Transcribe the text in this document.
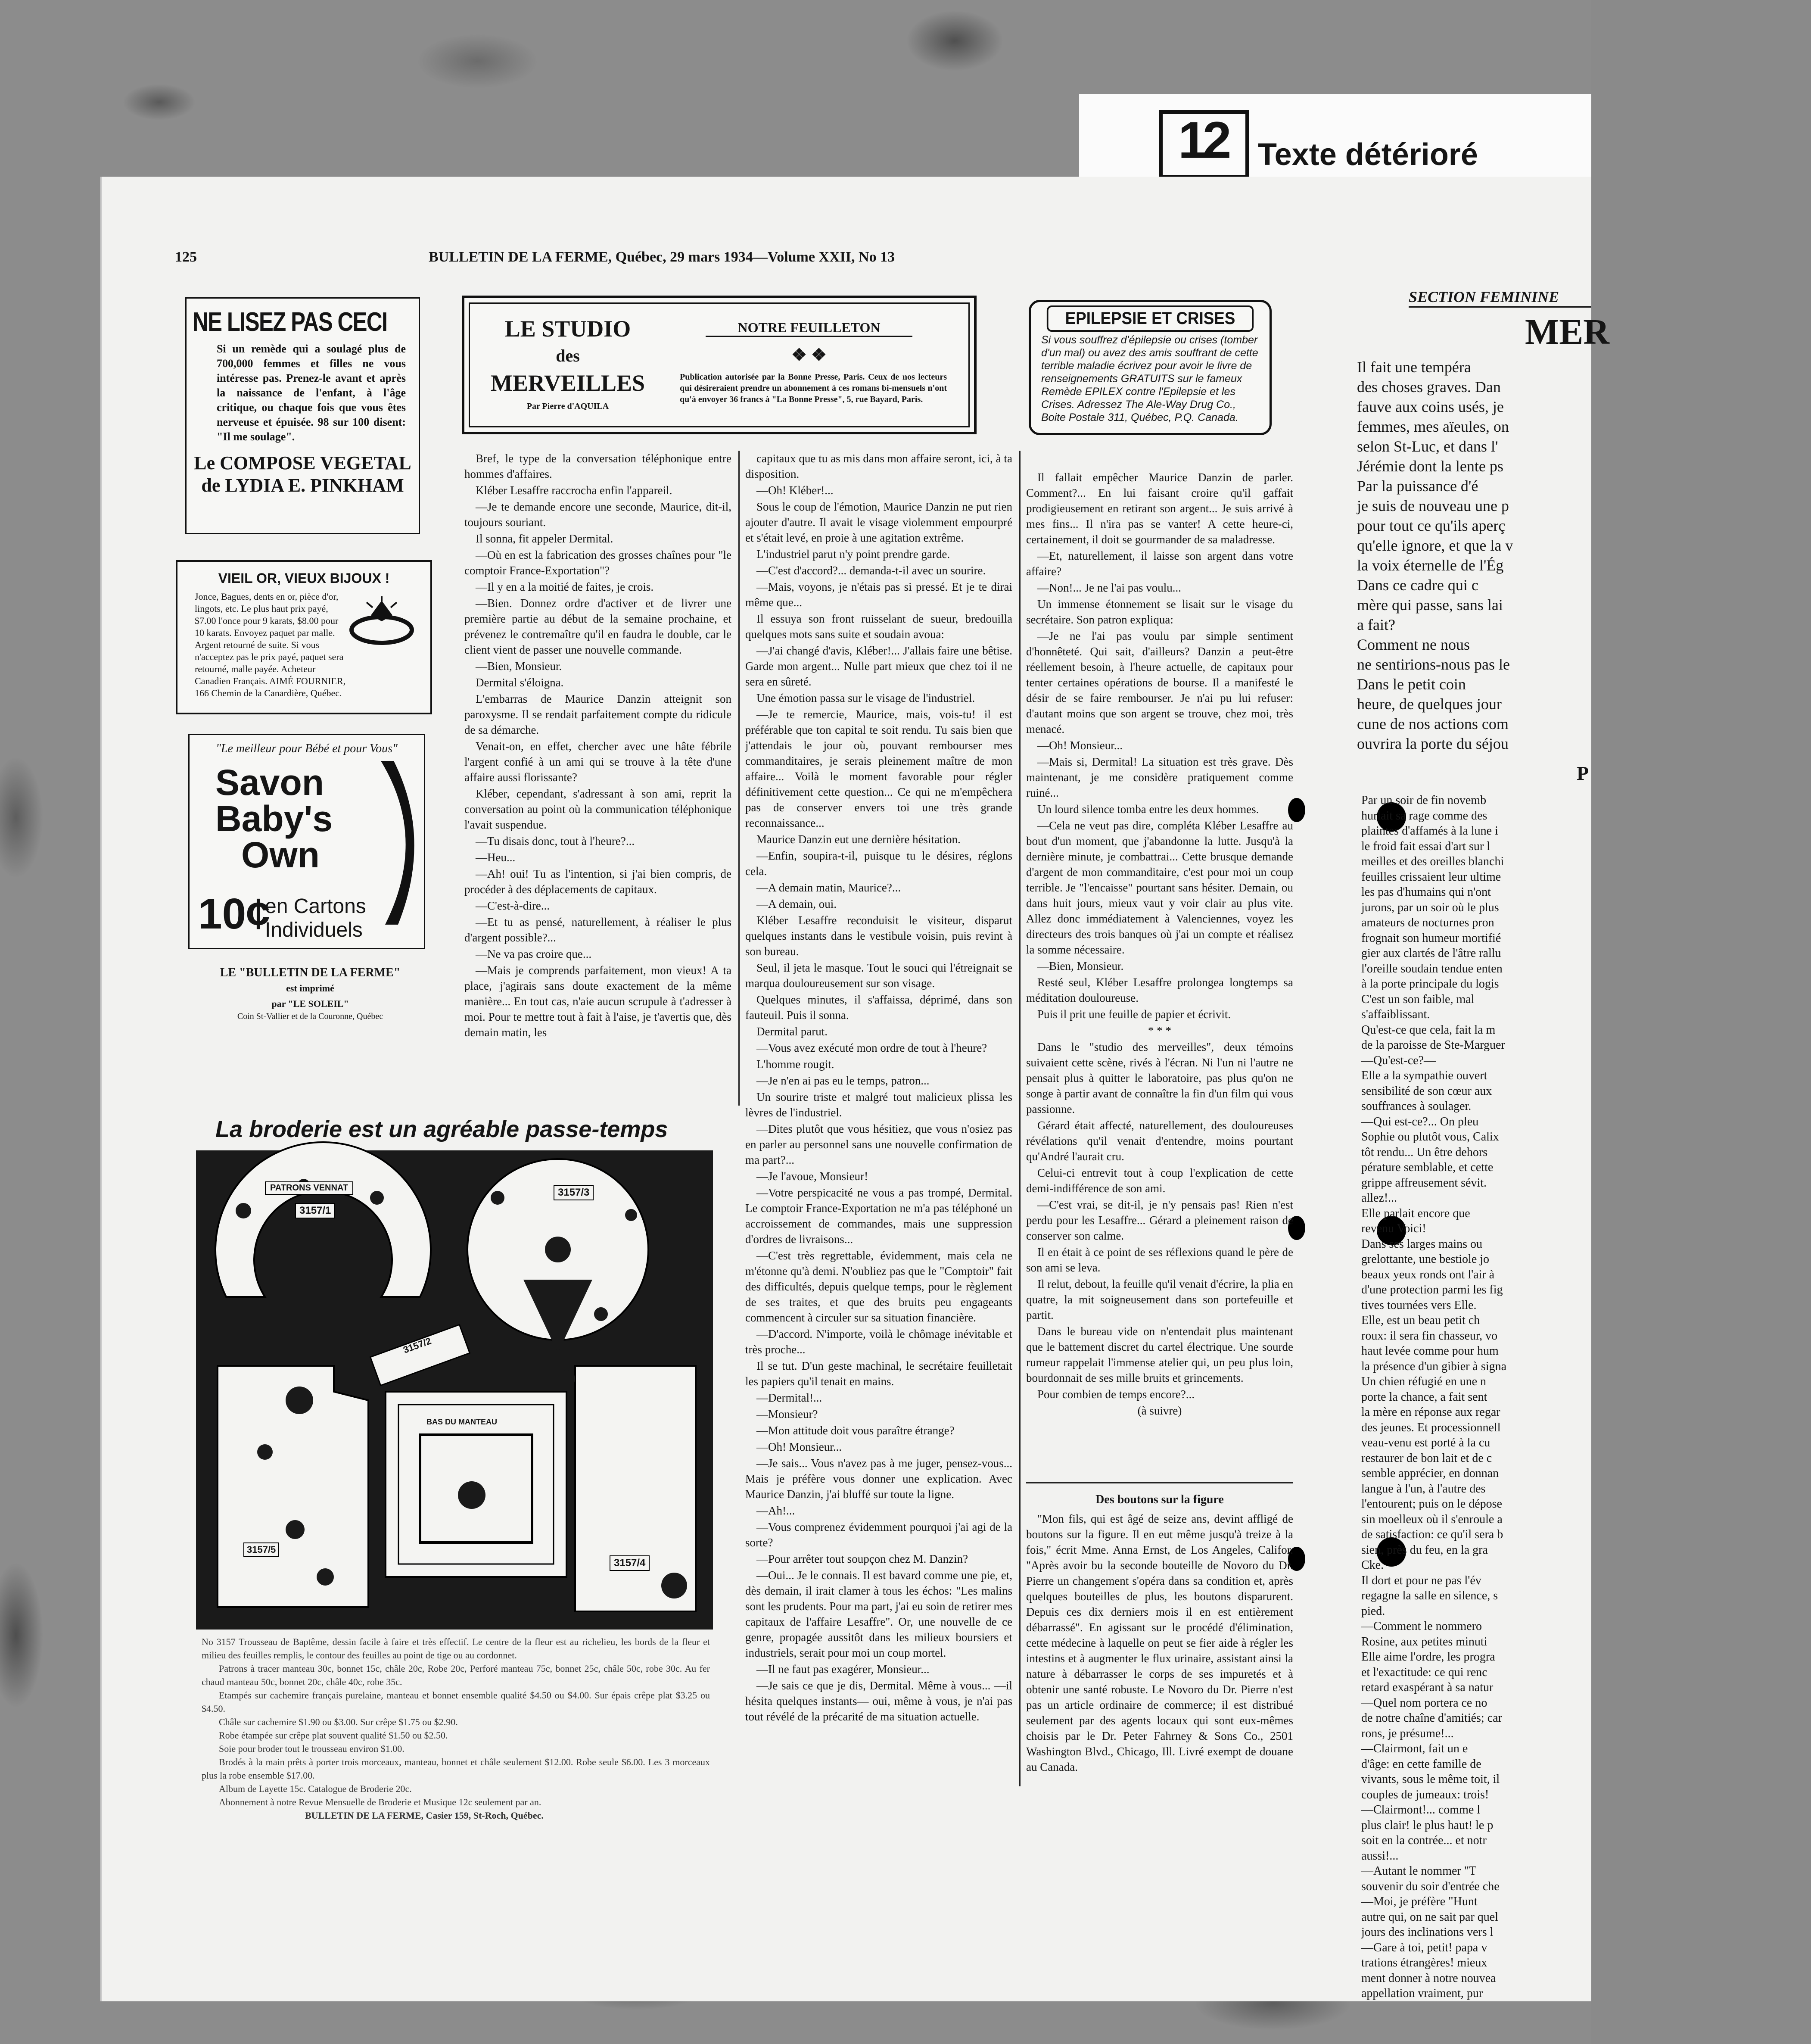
12 Texte détérioré
125	BULLETIN DE LA FERME, Québec, 29 mars 1934—Volume XXII, No 13
SECTION FEMININE
MER
NE LISEZ PAS CECI
Si un remède qui a soulagé plus de 700,000 femmes et filles ne vous intéresse pas. Prenez-le avant et après la naissance de l'enfant, à l'âge critique, ou chaque fois que vous êtes nerveuse et épuisée. 98 sur 100 disent: "Il me soulage".
Le COMPOSE VEGETAL
de LYDIA E. PINKHAM
VIEIL OR, VIEUX BIJOUX !
Jonce, Bagues, dents en or, pièce d'or, lingots, etc. Le plus haut prix payé, $7.00 l'once pour 9 karats, $8.00 pour 10 karats. Envoyez paquet par malle. Argent retourné de suite. Si vous n'acceptez pas le prix payé, paquet sera retourné, malle payée. Acheteur Canadien Français. AIMÉ FOURNIER, 166 Chemin de la Canardière, Québec.
"Le meilleur pour Bébé et pour Vous"
Savon
Baby's
Own
10¢
en Cartons
Individuels
LE "BULLETIN DE LA FERME"
est imprimé
par "LE SOLEIL"
Coin St-Vallier et de la Couronne, Québec
LE STUDIO
des
MERVEILLES
Par Pierre d'AQUILA
NOTRE FEUILLETON
❖ ❖
Publication autorisée par la Bonne Presse, Paris. Ceux de nos lecteurs qui désireraient prendre un abonnement à ces romans bi-mensuels n'ont qu'à envoyer 36 francs à "La Bonne Presse", 5, rue Bayard, Paris.
EPILEPSIE ET CRISES
Si vous souffrez d'épilepsie ou crises (tomber d'un mal) ou avez des amis souffrant de cette terrible maladie écrivez pour avoir le livre de renseignements GRATUITS sur le fameux Remède EPILEX contre l'Epilepsie et les Crises. Adressez The Ale-Way Drug Co., Boite Postale 311, Québec, P.Q. Canada.

Bref, le type de la conversation téléphonique entre hommes d'affaires.

Kléber Lesaffre raccrocha enfin l'appareil.

—Je te demande encore une seconde, Maurice, dit-il, toujours souriant.

Il sonna, fit appeler Dermital.

—Où en est la fabrication des grosses chaînes pour "le comptoir France-Exportation"?

—Il y en a la moitié de faites, je crois.

—Bien. Donnez ordre d'activer et de livrer une première partie au début de la semaine prochaine, et prévenez le contremaître qu'il en faudra le double, car le client vient de passer une nouvelle commande.

—Bien, Monsieur.

Dermital s'éloigna.

L'embarras de Maurice Danzin atteignit son paroxysme. Il se rendait parfaitement compte du ridicule de sa démarche.

Venait-on, en effet, chercher avec une hâte fébrile l'argent confié à un ami qui se trouve à la tête d'une affaire aussi florissante?

Kléber, cependant, s'adressant à son ami, reprit la conversation au point où la communication téléphonique l'avait suspendue.

—Tu disais donc, tout à l'heure?...

—Heu...

—Ah! oui! Tu as l'intention, si j'ai bien compris, de procéder à des déplacements de capitaux.

—C'est-à-dire...

—Et tu as pensé, naturellement, à réaliser le plus d'argent possible?...

—Ne va pas croire que...

—Mais je comprends parfaitement, mon vieux! A ta place, j'agirais sans doute exactement de la même manière... En tout cas, n'aie aucun scrupule à t'adresser à moi. Pour te mettre tout à fait à l'aise, je t'avertis que, dès demain matin, les

capitaux que tu as mis dans mon affaire seront, ici, à ta disposition.

—Oh! Kléber!...

Sous le coup de l'émotion, Maurice Danzin ne put rien ajouter d'autre. Il avait le visage violemment empourpré et s'était levé, en proie à une agitation extrême.

L'industriel parut n'y point prendre garde.

—C'est d'accord?... demanda-t-il avec un sourire.

—Mais, voyons, je n'étais pas si pressé. Et je te dirai même que...

Il essuya son front ruisselant de sueur, bredouilla quelques mots sans suite et soudain avoua:

—J'ai changé d'avis, Kléber!... J'allais faire une bêtise. Garde mon argent... Nulle part mieux que chez toi il ne sera en sûreté.

Une émotion passa sur le visage de l'industriel.

—Je te remercie, Maurice, mais, vois-tu! il est préférable que ton capital te soit rendu. Tu sais bien que j'attendais le jour où, pouvant rembourser mes commanditaires, je serais pleinement maître de mon affaire... Voilà le moment favorable pour régler définitivement cette question... Ce qui ne m'empêchera pas de conserver envers toi une très grande reconnaissance...

Maurice Danzin eut une dernière hésitation.

—Enfin, soupira-t-il, puisque tu le désires, réglons cela.

—A demain matin, Maurice?...

—A demain, oui.

Kléber Lesaffre reconduisit le visiteur, disparut quelques instants dans le vestibule voisin, puis revint à son bureau.

Seul, il jeta le masque. Tout le souci qui l'étreignait se marqua douloureusement sur son visage.

Quelques minutes, il s'affaissa, déprimé, dans son fauteuil. Puis il sonna.

Dermital parut.

—Vous avez exécuté mon ordre de tout à l'heure?

L'homme rougit.

—Je n'en ai pas eu le temps, patron...

Un sourire triste et malgré tout malicieux plissa les lèvres de l'industriel.

—Dites plutôt que vous hésitiez, que vous n'osiez pas en parler au personnel sans une nouvelle confirmation de ma part?...

—Je l'avoue, Monsieur!

—Votre perspicacité ne vous a pas trompé, Dermital. Le comptoir France-Exportation ne m'a pas téléphoné un accroissement de commandes, mais une suppression d'ordres de livraisons...

—C'est très regrettable, évidemment, mais cela ne m'étonne qu'à demi. N'oubliez pas que le "Comptoir" fait des difficultés, depuis quelque temps, pour le règlement de ses traites, et que des bruits peu engageants commencent à circuler sur sa situation financière.

—D'accord. N'importe, voilà le chômage inévitable et très proche...

Il se tut. D'un geste machinal, le secrétaire feuilletait les papiers qu'il tenait en mains.

—Dermital!...

—Monsieur?

—Mon attitude doit vous paraître étrange?

—Oh! Monsieur...

—Je sais... Vous n'avez pas à me juger, pensez-vous... Mais je préfère vous donner une explication. Avec Maurice Danzin, j'ai bluffé sur toute la ligne.

—Ah!...

—Vous comprenez évidemment pourquoi j'ai agi de la sorte?

—Pour arrêter tout soupçon chez M. Danzin?

—Oui... Je le connais. Il est bavard comme une pie, et, dès demain, il irait clamer à tous les échos: "Les malins sont les prudents. Pour ma part, j'ai eu soin de retirer mes capitaux de l'affaire Lesaffre". Or, une nouvelle de ce genre, propagée aussitôt dans les milieux boursiers et industriels, serait pour moi un coup mortel.

—Il ne faut pas exagérer, Monsieur...

—Je sais ce que je dis, Dermital. Même à vous... —il hésita quelques instants— oui, même à vous, je n'ai pas tout révélé de la précarité de ma situation actuelle.

Il fallait empêcher Maurice Danzin de parler. Comment?... En lui faisant croire qu'il gaffait prodigieusement en retirant son argent... Je suis arrivé à mes fins... Il n'ira pas se vanter! A cette heure-ci, certainement, il doit se gourmander de sa maladresse.

—Et, naturellement, il laisse son argent dans votre affaire?

—Non!... Je ne l'ai pas voulu...

Un immense étonnement se lisait sur le visage du secrétaire. Son patron expliqua:

—Je ne l'ai pas voulu par simple sentiment d'honnêteté. Qui sait, d'ailleurs? Danzin a peut-être réellement besoin, à l'heure actuelle, de capitaux pour tenter certaines opérations de bourse. Il a manifesté le désir de se faire rembourser. Je n'ai pu lui refuser: d'autant moins que son argent se trouve, chez moi, très menacé.

—Oh! Monsieur...

—Mais si, Dermital! La situation est très grave. Dès maintenant, je me considère pratiquement comme ruiné...

Un lourd silence tomba entre les deux hommes.

—Cela ne veut pas dire, compléta Kléber Lesaffre au bout d'un moment, que j'abandonne la lutte. Jusqu'à la dernière minute, je combattrai... Cette brusque demande d'argent de mon commanditaire, c'est pour moi un coup terrible. Je "l'encaisse" pourtant sans hésiter. Demain, ou dans huit jours, mieux vaut y voir clair au plus vite. Allez donc immédiatement à Valenciennes, voyez les directeurs des trois banques où j'ai un compte et réalisez la somme nécessaire.

—Bien, Monsieur.

Resté seul, Kléber Lesaffre prolongea longtemps sa méditation douloureuse.

Puis il prit une feuille de papier et écrivit.

* * *

Dans le "studio des merveilles", deux témoins suivaient cette scène, rivés à l'écran. Ni l'un ni l'autre ne pensait plus à quitter le laboratoire, pas plus qu'on ne songe à partir avant de connaître la fin d'un film qui vous passionne.

Gérard était affecté, naturellement, des douloureuses révélations qu'il venait d'entendre, moins pourtant qu'André l'aurait cru.

Celui-ci entrevit tout à coup l'explication de cette demi-indifférence de son ami.

—C'est vrai, se dit-il, je n'y pensais pas! Rien n'est perdu pour les Lesaffre... Gérard a pleinement raison de conserver son calme.

Il en était à ce point de ses réflexions quand le père de son ami se leva.

Il relut, debout, la feuille qu'il venait d'écrire, la plia en quatre, la mit soigneusement dans son portefeuille et partit.

Dans le bureau vide on n'entendait plus maintenant que le battement discret du cartel électrique. Une sourde rumeur rappelait l'immense atelier qui, un peu plus loin, bourdonnait de ses mille bruits et grincements.

Pour combien de temps encore?...

(à suivre)

Des boutons sur la figure

"Mon fils, qui est âgé de seize ans, devint affligé de boutons sur la figure. Il en eut même jusqu'à treize à la fois," écrit Mme. Anna Ernst, de Los Angeles, Califor. "Après avoir bu la seconde bouteille de Novoro du Dr. Pierre un changement s'opéra dans sa condition et, après quelques bouteilles de plus, les boutons disparurent. Depuis ces dix derniers mois il en est entièrement débarrassé". En agissant sur le procédé d'élimination, cette médecine à laquelle on peut se fier aide à régler les intestins et à augmenter le flux urinaire, assistant ainsi la nature à débarrasser le corps de ses impuretés et à obtenir une santé robuste. Le Novoro du Dr. Pierre n'est pas un article ordinaire de commerce; il est distribué seulement par des agents locaux qui sont eux-mêmes choisis par le Dr. Peter Fahrney & Sons Co., 2501 Washington Blvd., Chicago, Ill. Livré exempt de douane au Canada.

Il fait une tempéra

des choses graves. Dan

fauve aux coins usés, je

femmes, mes aïeules, on

selon St-Luc, et dans l'

Jérémie dont la lente ps

Par la puissance d'é

je suis de nouveau une p

pour tout ce qu'ils aperç

qu'elle ignore, et que la v

la voix éternelle de l'Ég

Dans ce cadre qui c

mère qui passe, sans lai

a fait?

Comment ne nous

ne sentirions-nous pas le

Dans le petit coin

heure, de quelques jour

cune de nos actions com

ouvrira la porte du séjou

P

Par un soir de fin novemb

hurlait sa rage comme des

plaintes d'affamés à la lune i

le froid fait essai d'art sur l

meilles et des oreilles blanchi

feuilles crissaient leur ultime

les pas d'humains qui n'ont

jurons, par un soir où le plus

amateurs de nocturnes pron

frognait son humeur mortifié

gier aux clartés de l'âtre rallu

l'oreille soudain tendue enten

à la porte principale du logis

C'est un son faible, mal

s'affaiblissant.

Qu'est-ce que cela, fait la m

de la paroisse de Ste-Marguer

—Qu'est-ce?—

Elle a la sympathie ouvert

sensibilité de son cœur aux

souffrances à soulager.

—Qui est-ce?... On pleu

Sophie ou plutôt vous, Calix

tôt rendu... Un être dehors

pérature semblable, et cette

grippe affreusement sévit.

allez!...

Elle parlait encore que

revenu Voici!

Dans ses larges mains ou

grelottante, une bestiole jo

beaux yeux ronds ont l'air à

d'une protection parmi les fig

tives tournées vers Elle.

Elle, est un beau petit ch

roux: il sera fin chasseur, vo

haut levée comme pour hum

la présence d'un gibier à signa

Un chien réfugié en une n

porte la chance, a fait sent

la mère en réponse aux regar

des jeunes. Et processionnell

veau-venu est porté à la cu

restaurer de bon lait et de c

semble apprécier, en donnan

langue à l'un, à l'autre des

l'entourent; puis on le dépose

sin moelleux où il s'enroule a

de satisfaction: ce qu'il sera b

sien, près du feu, en la gra

Cke.

Il dort et pour ne pas l'év

regagne la salle en silence, s

pied.

—Comment le nommero

Rosine, aux petites minuti

Elle aime l'ordre, les progra

et l'exactitude: ce qui renc

retard exaspérant à sa natur

—Quel nom portera ce no

de notre chaîne d'amitiés; car

rons, je présume!...

—Clairmont, fait un e

d'âge: en cette famille de

vivants, sous le même toit, il

couples de jumeaux: trois!

—Clairmont!... comme l

plus clair! le plus haut! le p

soit en la contrée... et notr

aussi!...

—Autant le nommer "T

souvenir du soir d'entrée che

—Moi, je préfère "Hunt

autre qui, on ne sait par quel

jours des inclinations vers l

—Gare à toi, petit! papa v

trations étrangères! mieux

ment donner à notre nouvea

appellation vraiment, pur

La broderie est un agréable passe-temps
PATRONS VENNAT
3157/1
3157/3
3157/2
3157/5
3157/4
BAS DU MANTEAU
No 3157 Trousseau de Baptême, dessin facile à faire et très effectif. Le centre de la fleur est au richelieu, les bords de la fleur et milieu des feuilles remplis, le contour des feuilles au point de tige ou au cordonnet.
Patrons à tracer manteau 30c, bonnet 15c, châle 20c, Robe 20c, Perforé manteau 75c, bonnet 25c, châle 50c, robe 30c. Au fer chaud manteau 50c, bonnet 20c, châle 40c, robe 35c.
Etampés sur cachemire français purelaine, manteau et bonnet ensemble qualité $4.50 ou $4.00. Sur épais crêpe plat $3.25 ou $4.50.
Châle sur cachemire $1.90 ou $3.00. Sur crêpe $1.75 ou $2.90.
Robe étampée sur crêpe plat souvent qualité $1.50 ou $2.50.
Soie pour broder tout le trousseau environ $1.00.
Brodés à la main prêts à porter trois morceaux, manteau, bonnet et châle seulement $12.00. Robe seule $6.00. Les 3 morceaux plus la robe ensemble $17.00.
Album de Layette 15c. Catalogue de Broderie 20c.
Abonnement à notre Revue Mensuelle de Broderie et Musique 12c seulement par an.
BULLETIN DE LA FERME, Casier 159, St-Roch, Québec.
